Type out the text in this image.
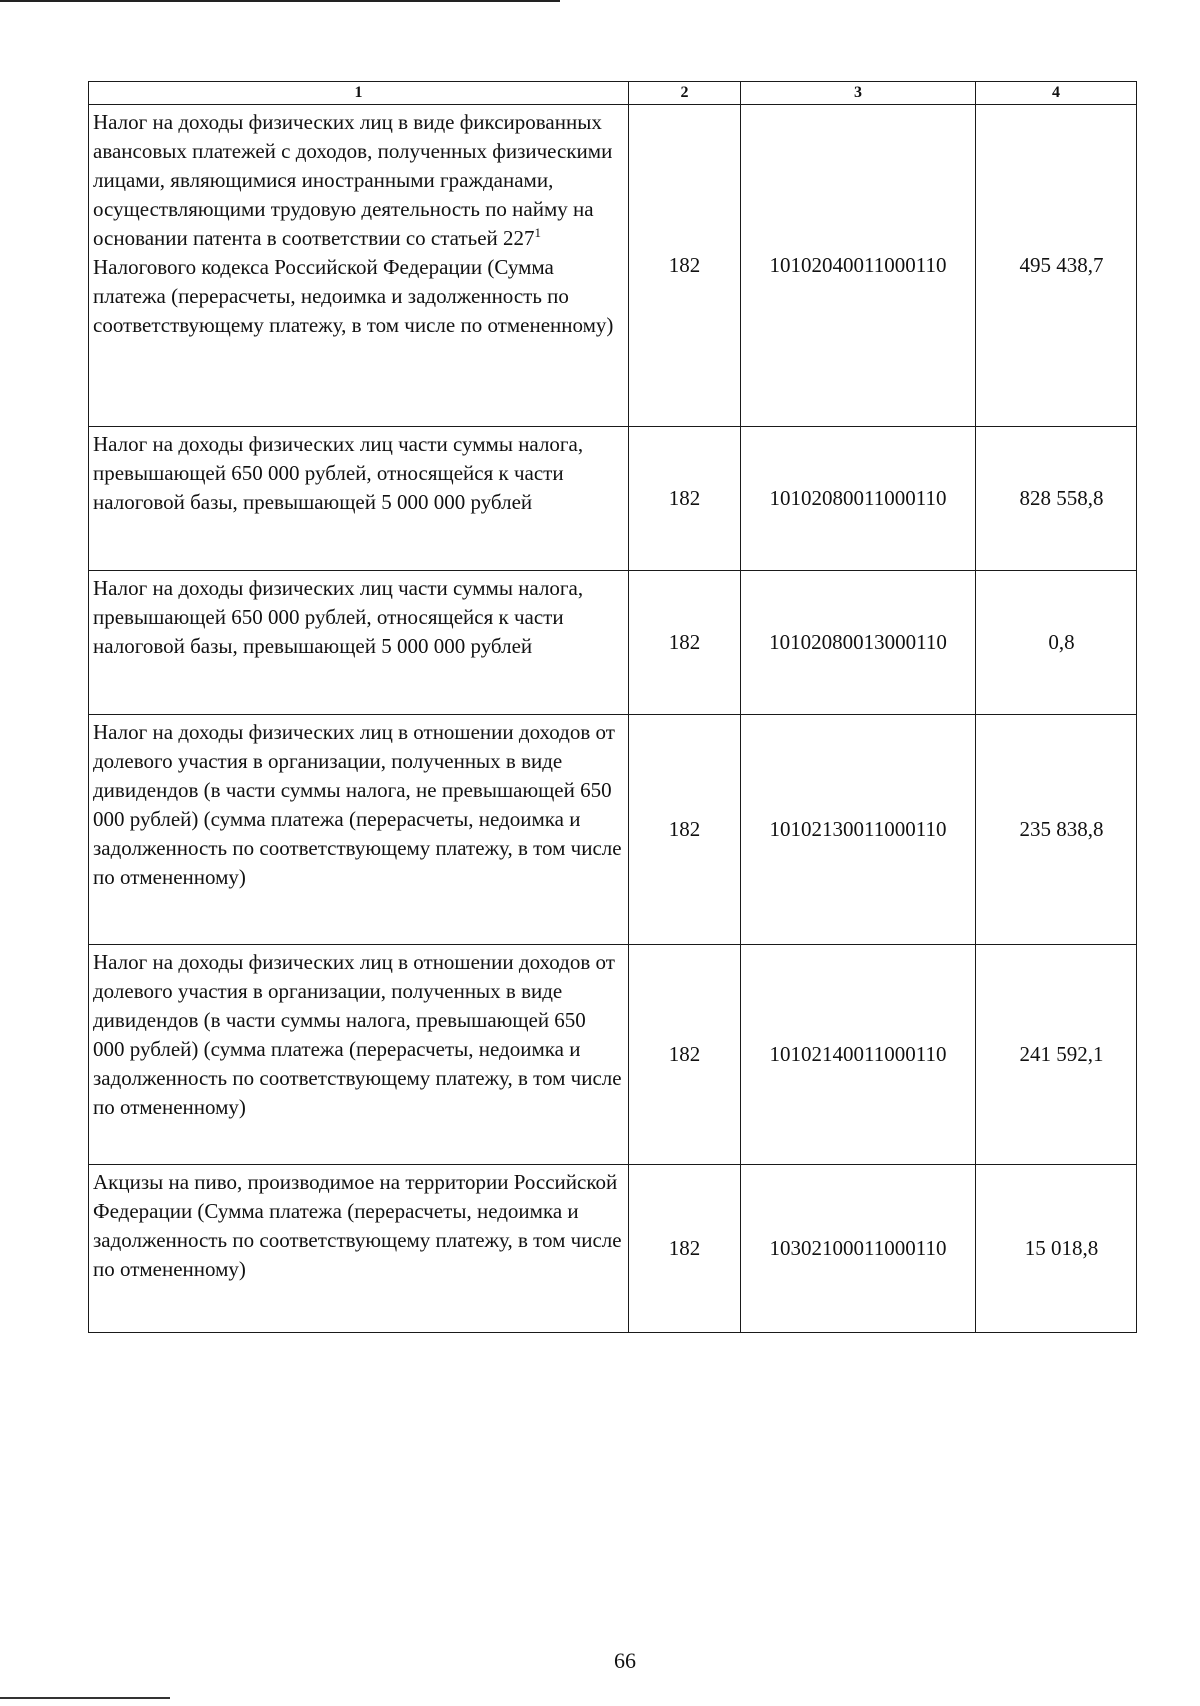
1	2	3	4
Налог на доходы физических лиц в виде фиксированных авансовых платежей с доходов, полученных физическими лицами, являющимися иностранными гражданами, осуществляющими трудовую деятельность по найму на основании патента в соответствии со статьей $227^1$ Налогового кодекса Российской Федерации (Сумма платежа (перерасчеты, недоимка и задолженность по соответствующему платежу, в том числе по отмененному)	182	10102040011000110	495 438,7
Налог на доходы физических лиц части суммы налога, превышающей 650 000 рублей, относящейся к части налоговой базы, превышающей 5 000 000 рублей	182	10102080011000110	828 558,8
Налог на доходы физических лиц части суммы налога, превышающей 650 000 рублей, относящейся к части налоговой базы, превышающей 5 000 000 рублей	182	10102080013000110	0,8
Налог на доходы физических лиц в отношении доходов от долевого участия в организации, полученных в виде дивидендов (в части суммы налога, не превышающей 650 000 рублей) (сумма платежа (перерасчеты, недоимка и задолженность по соответствующему платежу, в том числе по отмененному)	182	10102130011000110	235 838,8
Налог на доходы физических лиц в отношении доходов от долевого участия в организации, полученных в виде дивидендов (в части суммы налога, превышающей 650 000 рублей) (сумма платежа (перерасчеты, недоимка и задолженность по соответствующему платежу, в том числе по отмененному)	182	10102140011000110	241 592,1
Акцизы на пиво, производимое на территории Российской Федерации (Сумма платежа (перерасчеты, недоимка и задолженность по соответствующему платежу, в том числе по отмененному)	182	10302100011000110	15 018,8
66
